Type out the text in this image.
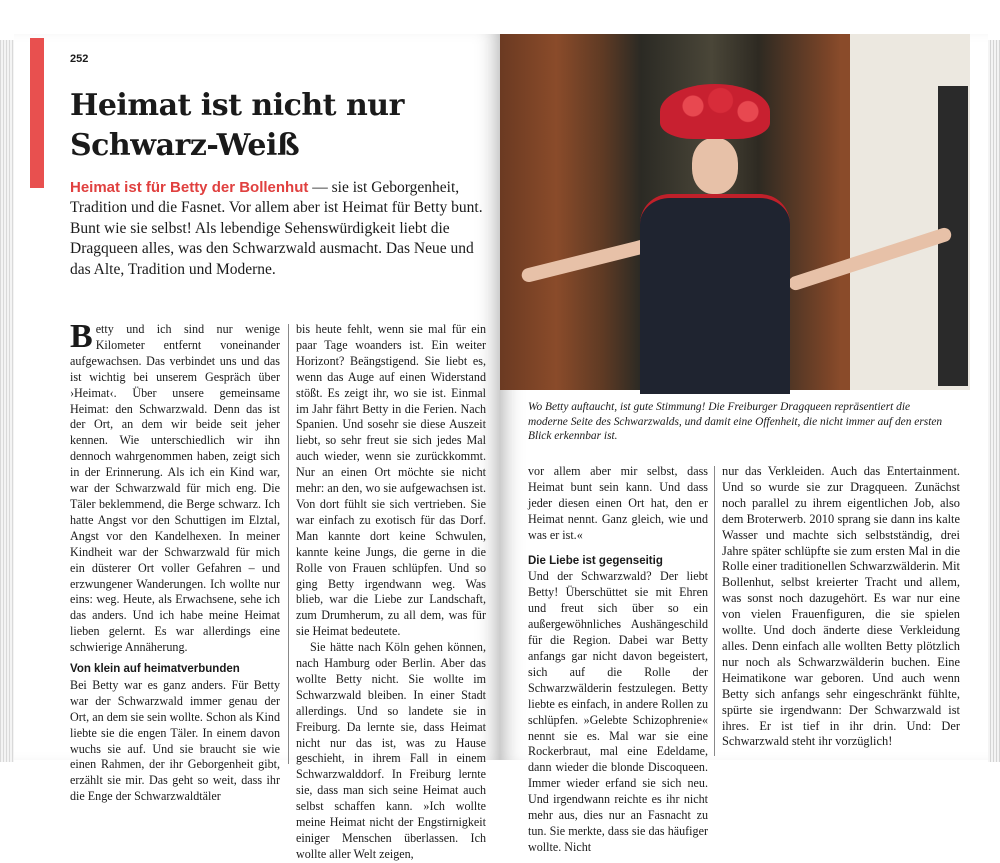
252
Heimat ist nicht nur Schwarz-Weiß

Heimat ist für Betty der Bollenhut — sie ist Geborgenheit, Tradition und die Fasnet. Vor allem aber ist Heimat für Betty bunt. Bunt wie sie selbst! Als lebendige Sehenswürdigkeit liebt die Dragqueen alles, was den Schwarzwald ausmacht. Das Neue und das Alte, Tradition und Moderne.

Betty und ich sind nur wenige Kilometer entfernt voneinander aufgewachsen. Das verbindet uns und das ist wichtig bei unserem Gespräch über ›Heimat‹. Über unsere gemeinsame Heimat: den Schwarzwald. Denn das ist der Ort, an dem wir beide seit jeher kennen. Wie unterschiedlich wir ihn dennoch wahrgenommen haben, zeigt sich in der Erinnerung. Als ich ein Kind war, war der Schwarzwald für mich eng. Die Täler beklemmend, die Berge schwarz. Ich hatte Angst vor den Schuttigen im Elztal, Angst vor den Kandelhexen. In meiner Kindheit war der Schwarzwald für mich ein düsterer Ort voller Gefahren – und erzwungener Wanderungen. Ich wollte nur eins: weg. Heute, als Erwachsene, sehe ich das anders. Und ich habe meine Heimat lieben gelernt. Es war allerdings eine schwierige Annäherung.

Von klein auf heimatverbunden

Bei Betty war es ganz anders. Für Betty war der Schwarzwald immer genau der Ort, an dem sie sein wollte. Schon als Kind liebte sie die engen Täler. In einem davon wuchs sie auf. Und sie braucht sie wie einen Rahmen, der ihr Geborgenheit gibt, erzählt sie mir. Das geht so weit, dass ihr die Enge der Schwarzwaldtäler

bis heute fehlt, wenn sie mal für ein paar Tage woanders ist. Ein weiter Horizont? Beängstigend. Sie liebt es, wenn das Auge auf einen Widerstand stößt. Es zeigt ihr, wo sie ist. Einmal im Jahr fährt Betty in die Ferien. Nach Spanien. Und sosehr sie diese Auszeit liebt, so sehr freut sie sich jedes Mal auch wieder, wenn sie zurückkommt. Nur an einen Ort möchte sie nicht mehr: an den, wo sie aufgewachsen ist. Von dort fühlt sie sich vertrieben. Sie war einfach zu exotisch für das Dorf. Man kannte dort keine Schwulen, kannte keine Jungs, die gerne in die Rolle von Frauen schlüpfen. Und so ging Betty irgendwann weg. Was blieb, war die Liebe zur Landschaft, zum Drumherum, zu all dem, was für sie Heimat bedeutete.

Sie hätte nach Köln gehen können, nach Hamburg oder Berlin. Aber das wollte Betty nicht. Sie wollte im Schwarzwald bleiben. In einer Stadt allerdings. Und so landete sie in Freiburg. Da lernte sie, dass Heimat nicht nur das ist, was zu Hause geschieht, in ihrem Fall in einem Schwarzwalddorf. In Freiburg lernte sie, dass man sich seine Heimat auch selbst schaffen kann. »Ich wollte meine Heimat nicht der Engstirnigkeit einiger Menschen überlassen. Ich wollte aller Welt zeigen,

Wo Betty auftaucht, ist gute Stimmung! Die Freiburger Dragqueen repräsentiert die moderne Seite des Schwarzwalds, und damit eine Offenheit, die nicht immer auf den ersten Blick erkennbar ist.

vor allem aber mir selbst, dass Heimat bunt sein kann. Und dass jeder diesen einen Ort hat, den er Heimat nennt. Ganz gleich, wie und was er ist.«

Die Liebe ist gegenseitig

Und der Schwarzwald? Der liebt Betty! Überschüttet sie mit Ehren und freut sich über so ein außergewöhnliches Aushängeschild für die Region. Dabei war Betty anfangs gar nicht davon begeistert, sich auf die Rolle der Schwarzwälderin festzulegen. Betty liebte es einfach, in andere Rollen zu schlüpfen. »Gelebte Schizophrenie« nennt sie es. Mal war sie eine Rockerbraut, mal eine Edeldame, dann wieder die blonde Discoqueen. Immer wieder erfand sie sich neu. Und irgendwann reichte es ihr nicht mehr aus, dies nur an Fasnacht zu tun. Sie merkte, dass sie das häufiger wollte. Nicht

nur das Verkleiden. Auch das Entertainment. Und so wurde sie zur Dragqueen. Zunächst noch parallel zu ihrem eigentlichen Job, also dem Broterwerb. 2010 sprang sie dann ins kalte Wasser und machte sich selbstständig, drei Jahre später schlüpfte sie zum ersten Mal in die Rolle einer traditionellen Schwarzwälderin. Mit Bollenhut, selbst kreierter Tracht und allem, was sonst noch dazugehört. Es war nur eine von vielen Frauenfiguren, die sie spielen wollte. Und doch änderte diese Verkleidung alles. Denn einfach alle wollten Betty plötzlich nur noch als Schwarzwälderin buchen. Eine Heimatikone war geboren. Und auch wenn Betty sich anfangs sehr eingeschränkt fühlte, spürte sie irgendwann: Der Schwarzwald ist ihres. Er ist tief in ihr drin. Und: Der Schwarzwald steht ihr vorzüglich!
